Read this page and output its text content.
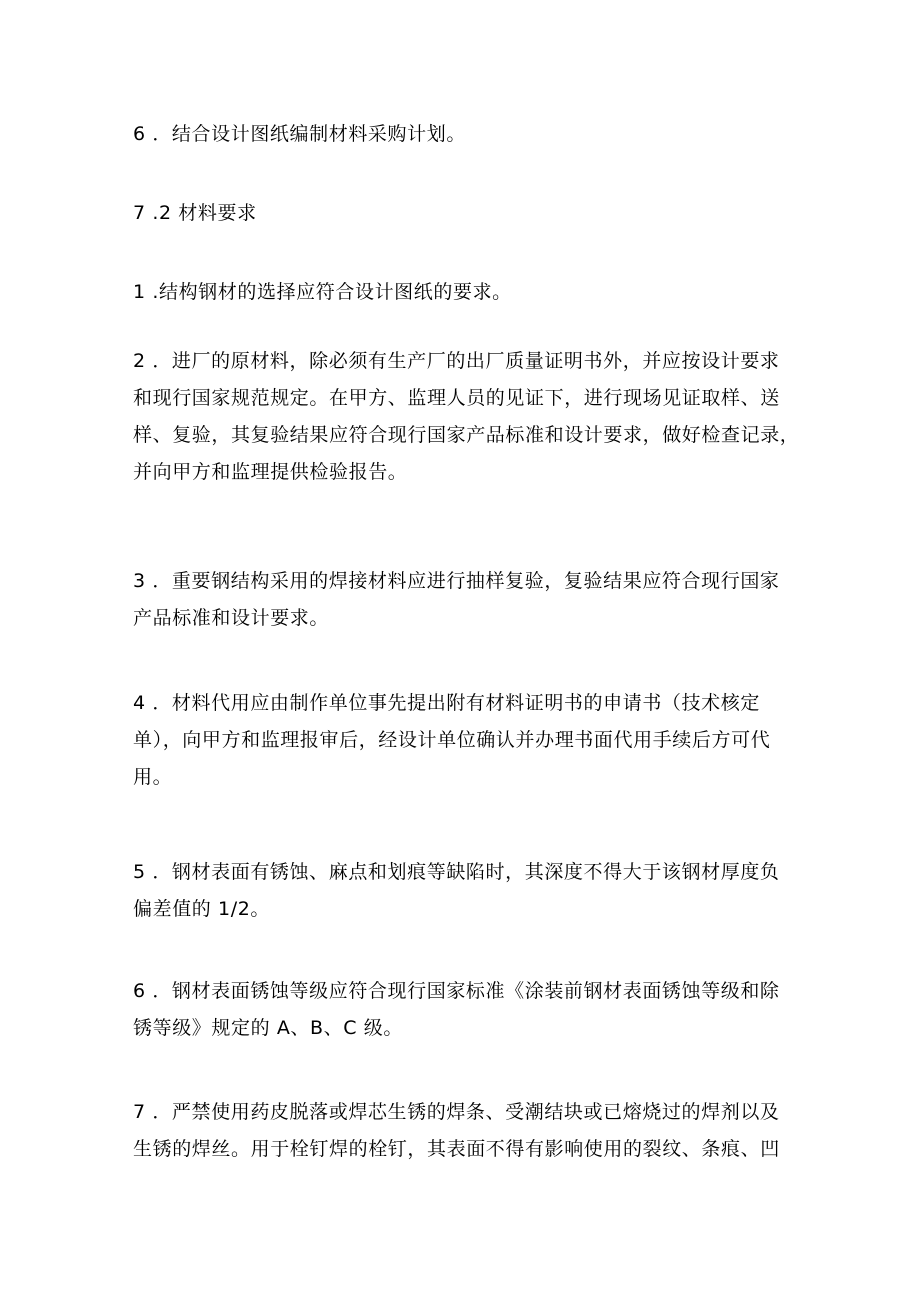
6 ．结合设计图纸编制材料采购计划。
7 .2 材料要求
1 .结构钢材的选择应符合设计图纸的要求。
2 ．进厂的原材料，除必须有生产厂的出厂质量证明书外，并应按设计要求
和现行国家规范规定。在甲方、监理人员的见证下，进行现场见证取样、送
样、复验，其复验结果应符合现行国家产品标准和设计要求，做好检查记录，
并向甲方和监理提供检验报告。
3 ．重要钢结构采用的焊接材料应进行抽样复验，复验结果应符合现行国家
产品标准和设计要求。
4 ．材料代用应由制作单位事先提出附有材料证明书的申请书（技术核定
单），向甲方和监理报审后，经设计单位确认并办理书面代用手续后方可代
用。
5 ．钢材表面有锈蚀、麻点和划痕等缺陷时，其深度不得大于该钢材厚度负
偏差值的 1/2。
6 ．钢材表面锈蚀等级应符合现行国家标准《涂装前钢材表面锈蚀等级和除
锈等级》规定的 A、B、C 级。
7 ．严禁使用药皮脱落或焊芯生锈的焊条、受潮结块或已熔烧过的焊剂以及
生锈的焊丝。用于栓钉焊的栓钉，其表面不得有影响使用的裂纹、条痕、凹
